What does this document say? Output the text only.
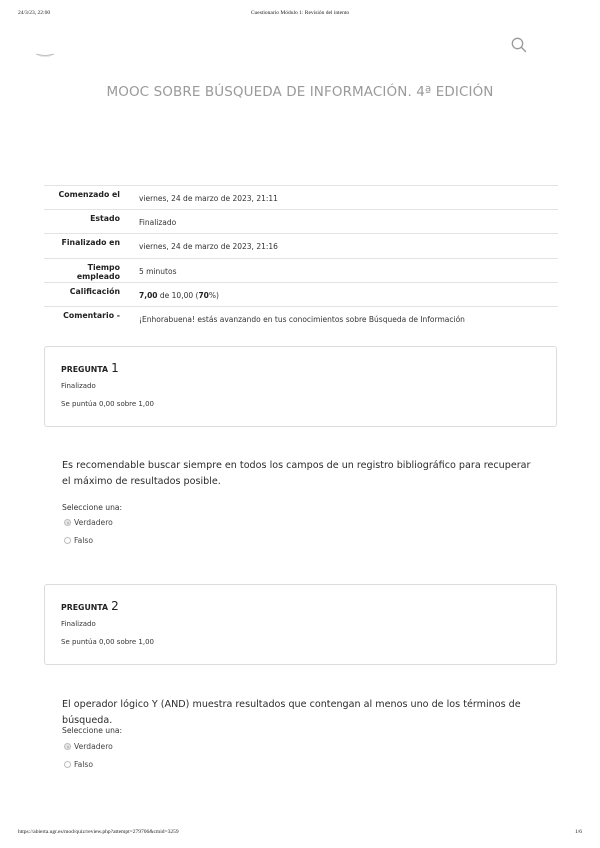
24/3/23, 22:00	Cuestionario Módulo 1: Revisión del intento
MOOC SOBRE BÚSQUEDA DE INFORMACIÓN. 4ª EDICIÓN
Comenzado el	viernes, 24 de marzo de 2023, 21:11
Estado	Finalizado
Finalizado en	viernes, 24 de marzo de 2023, 21:16
Tiempo empleado	5 minutos
Calificación	7,00 de 10,00 (70%)
Comentario -	¡Enhorabuena! estás avanzando en tus conocimientos sobre Búsqueda de Información
PREGUNTA 1
Finalizado
Se puntúa 0,00 sobre 1,00
Es recomendable buscar siempre en todos los campos de un registro bibliográfico para recuperar el máximo de resultados posible.
Seleccione una:
Verdadero
Falso
PREGUNTA 2
Finalizado
Se puntúa 0,00 sobre 1,00
El operador lógico Y (AND) muestra resultados que contengan al menos uno de los términos de búsqueda.
Seleccione una:
Verdadero
Falso
https://abierta.ugr.es/mod/quiz/review.php?attempt=279706&cmid=3259	1/6
